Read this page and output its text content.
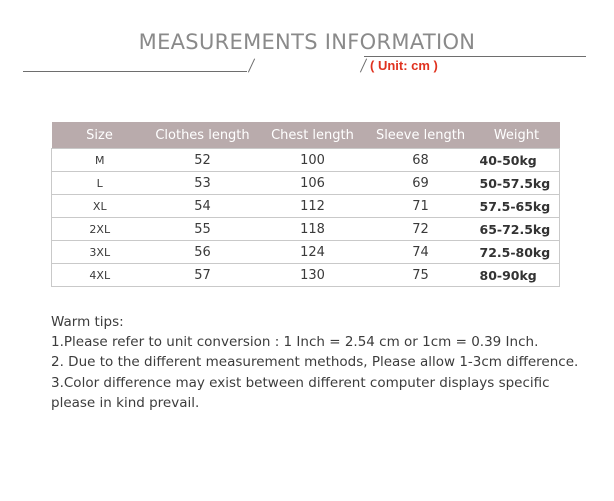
MEASUREMENTS INFORMATION
( Unit: cm )
Size	Clothes length	Chest length	Sleeve length	Weight
M	52	100	68	40-50kg
L	53	106	69	50-57.5kg
XL	54	112	71	57.5-65kg
2XL	55	118	72	65-72.5kg
3XL	56	124	74	72.5-80kg
4XL	57	130	75	80-90kg
Warm tips:
1.Please refer to unit conversion : 1 Inch = 2.54 cm or 1cm = 0.39 Inch.
2. Due to the different measurement methods, Please allow 1-3cm difference.
3.Color difference may exist between different computer displays specific
please in kind prevail.
